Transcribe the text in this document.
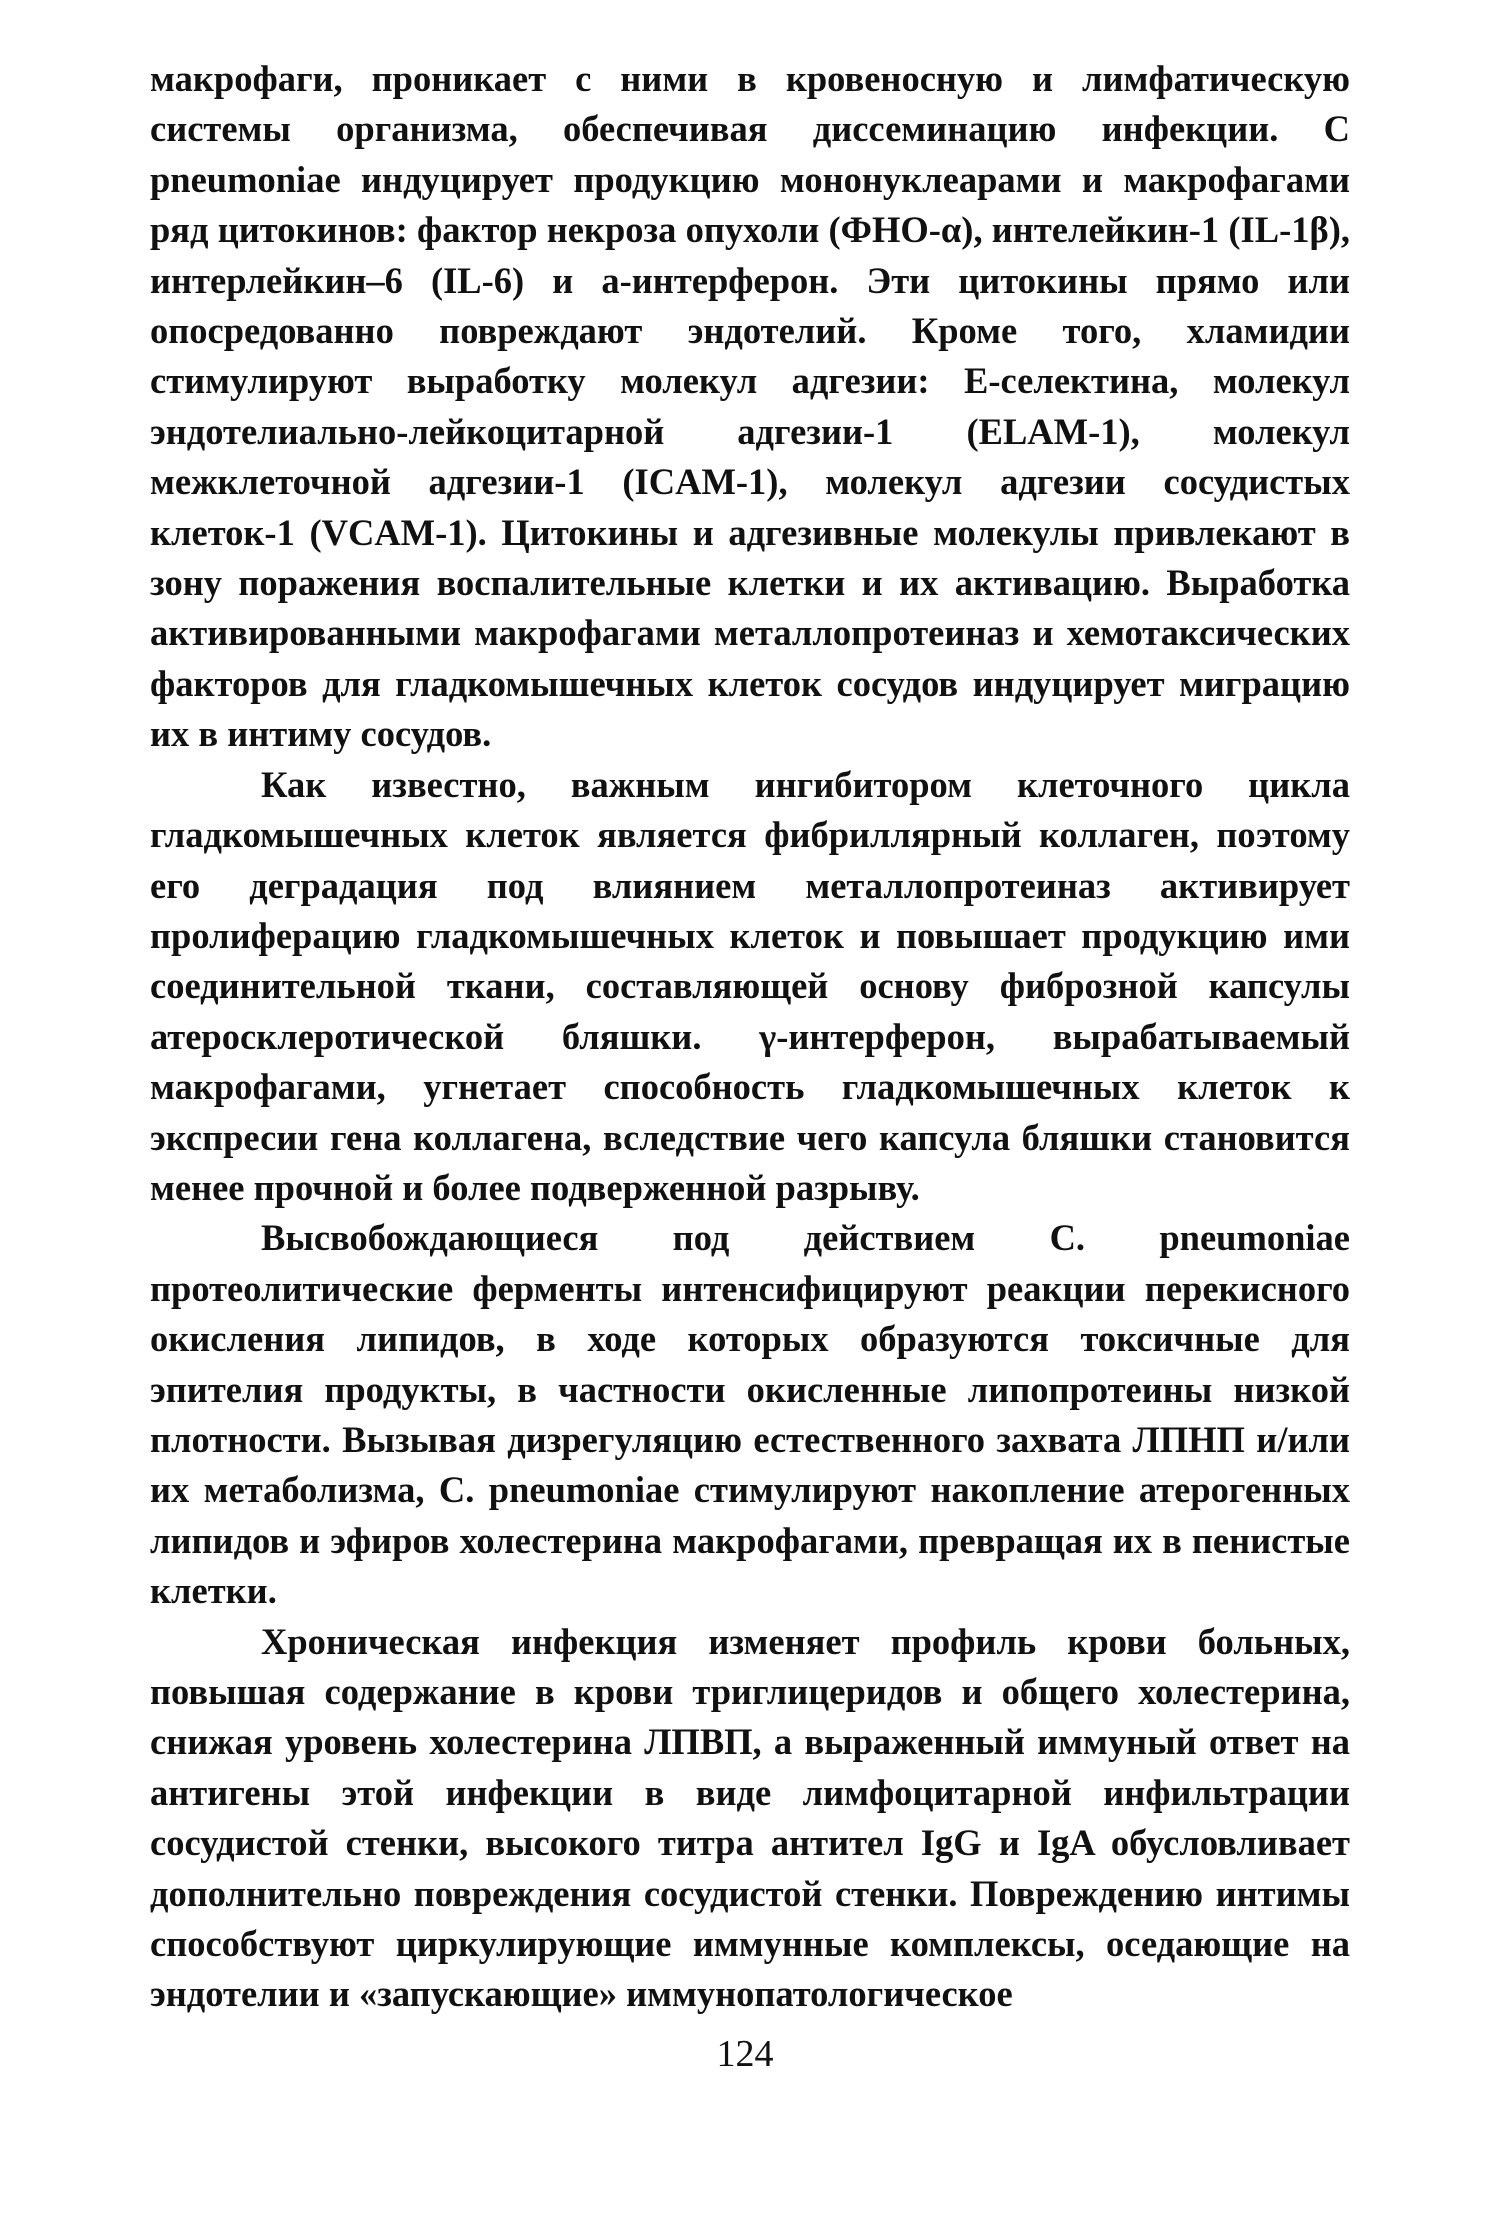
макрофаги, проникает с ними в кровеносную и лимфатическую системы организма, обеспечивая диссеминацию инфекции. C pneumoniae индуцирует продукцию мононуклеарами и макрофагами ряд цитокинов: фактор некроза опухоли (ФНО-α), интелейкин-1 (IL-1β), интерлейкин–6 (IL-6) и а-интерферон. Эти цитокины прямо или опосредованно повреждают эндотелий. Кроме того, хламидии стимулируют выработку молекул адгезии: Е-селектина, молекул эндотелиально-лейкоцитарной адгезии-1 (ELAM-1), молекул межклеточной адгезии-1 (ICAM-1), молекул адгезии сосудистых клеток-1 (VCAM-1). Цитокины и адгезивные молекулы привлекают в зону поражения воспалительные клетки и их активацию. Выработка активированными макрофагами металлопротеиназ и хемотаксических факторов для гладкомышечных клеток сосудов индуцирует миграцию их в интиму сосудов.

Как известно, важным ингибитором клеточного цикла гладкомышечных клеток является фибриллярный коллаген, поэтому его деградация под влиянием металлопротеиназ активирует пролиферацию гладкомышечных клеток и повышает продукцию ими соединительной ткани, составляющей основу фиброзной капсулы атеросклеротической бляшки. γ-интерферон, вырабатываемый макрофагами, угнетает способность гладкомышечных клеток к экспресии гена коллагена, вследствие чего капсула бляшки становится менее прочной и более подверженной разрыву.

Высвобождающиеся под действием C. pneumoniae протеолитические ферменты интенсифицируют реакции перекисного окисления липидов, в ходе которых образуются токсичные для эпителия продукты, в частности окисленные липопротеины низкой плотности. Вызывая дизрегуляцию естественного захвата ЛПНП и/или их метаболизма, C. pneumoniae стимулируют накопление атерогенных липидов и эфиров холестерина макрофагами, превращая их в пенистые клетки.

Хроническая инфекция изменяет профиль крови больных, повышая содержание в крови триглицеридов и общего холестерина, снижая уровень холестерина ЛПВП, а выраженный иммуный ответ на антигены этой инфекции в виде лимфоцитарной инфильтрации сосудистой стенки, высокого титра антител IgG и IgA обусловливает дополнительно повреждения сосудистой стенки. Повреждению интимы способствуют циркулирующие иммунные комплексы, оседающие на эндотелии и «запускающие» иммунопатологическое

124
